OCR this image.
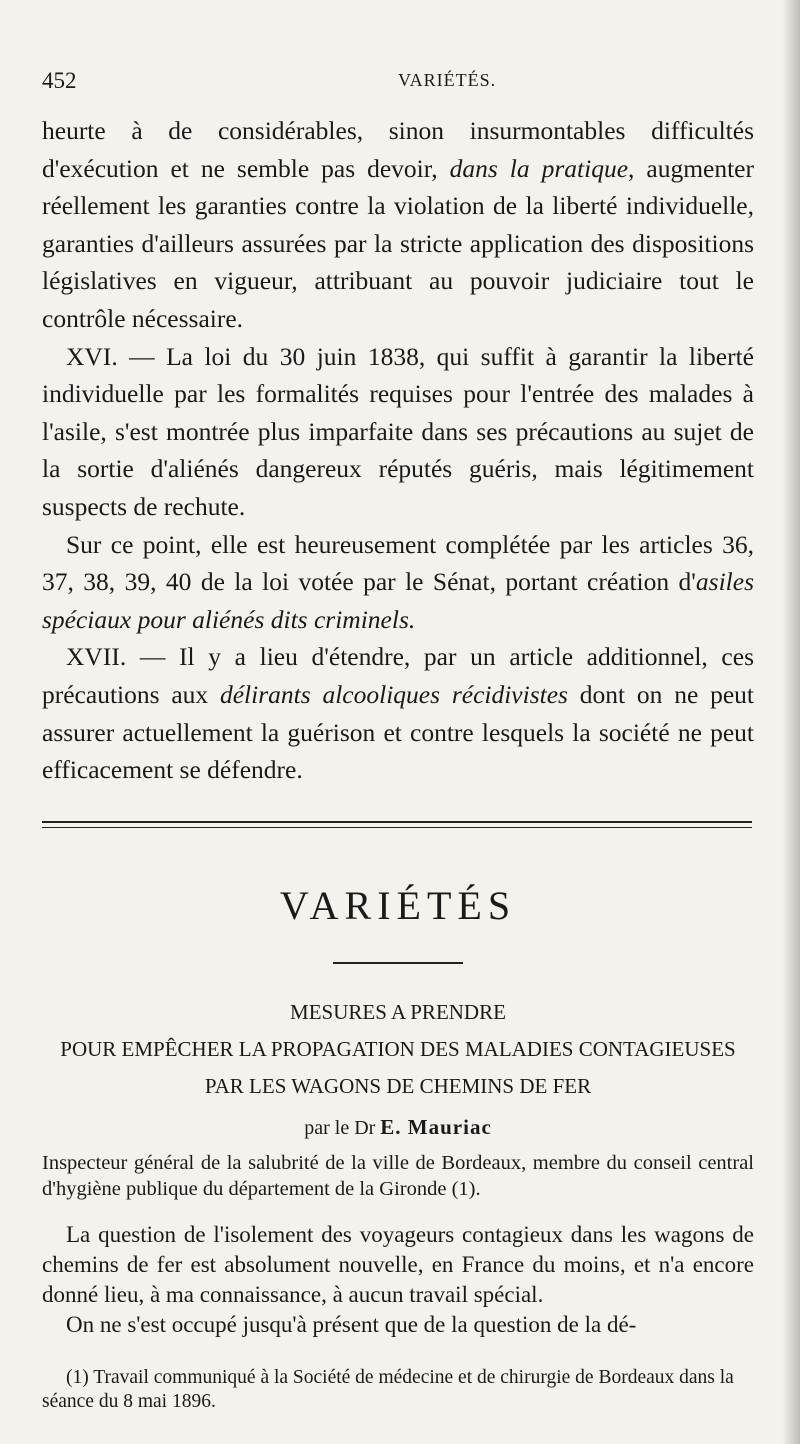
452	VARIÉTÉS.

heurte à de considérables, sinon insurmontables difficultés d'exécution et ne semble pas devoir, dans la pratique, augmenter réellement les garanties contre la violation de la liberté individuelle, garanties d'ailleurs assurées par la stricte application des dispositions législatives en vigueur, attribuant au pouvoir judiciaire tout le contrôle nécessaire.

XVI. — La loi du 30 juin 1838, qui suffit à garantir la liberté individuelle par les formalités requises pour l'entrée des malades à l'asile, s'est montrée plus imparfaite dans ses précautions au sujet de la sortie d'aliénés dangereux réputés guéris, mais légitimement suspects de rechute.

Sur ce point, elle est heureusement complétée par les articles 36, 37, 38, 39, 40 de la loi votée par le Sénat, portant création d'asiles spéciaux pour aliénés dits criminels.

XVII. — Il y a lieu d'étendre, par un article additionnel, ces précautions aux délirants alcooliques récidivistes dont on ne peut assurer actuellement la guérison et contre lesquels la société ne peut efficacement se défendre.

VARIÉTÉS
MESURES A PRENDRE
POUR EMPÊCHER LA PROPAGATION DES MALADIES CONTAGIEUSES
PAR LES WAGONS DE CHEMINS DE FER
par le Dr E. Mauriac
Inspecteur général de la salubrité de la ville de Bordeaux, membre du conseil central d'hygiène publique du département de la Gironde (1).

La question de l'isolement des voyageurs contagieux dans les wagons de chemins de fer est absolument nouvelle, en France du moins, et n'a encore donné lieu, à ma connaissance, à aucun travail spécial.

On ne s'est occupé jusqu'à présent que de la question de la dé-

(1) Travail communiqué à la Société de médecine et de chirurgie de Bordeaux dans la séance du 8 mai 1896.
